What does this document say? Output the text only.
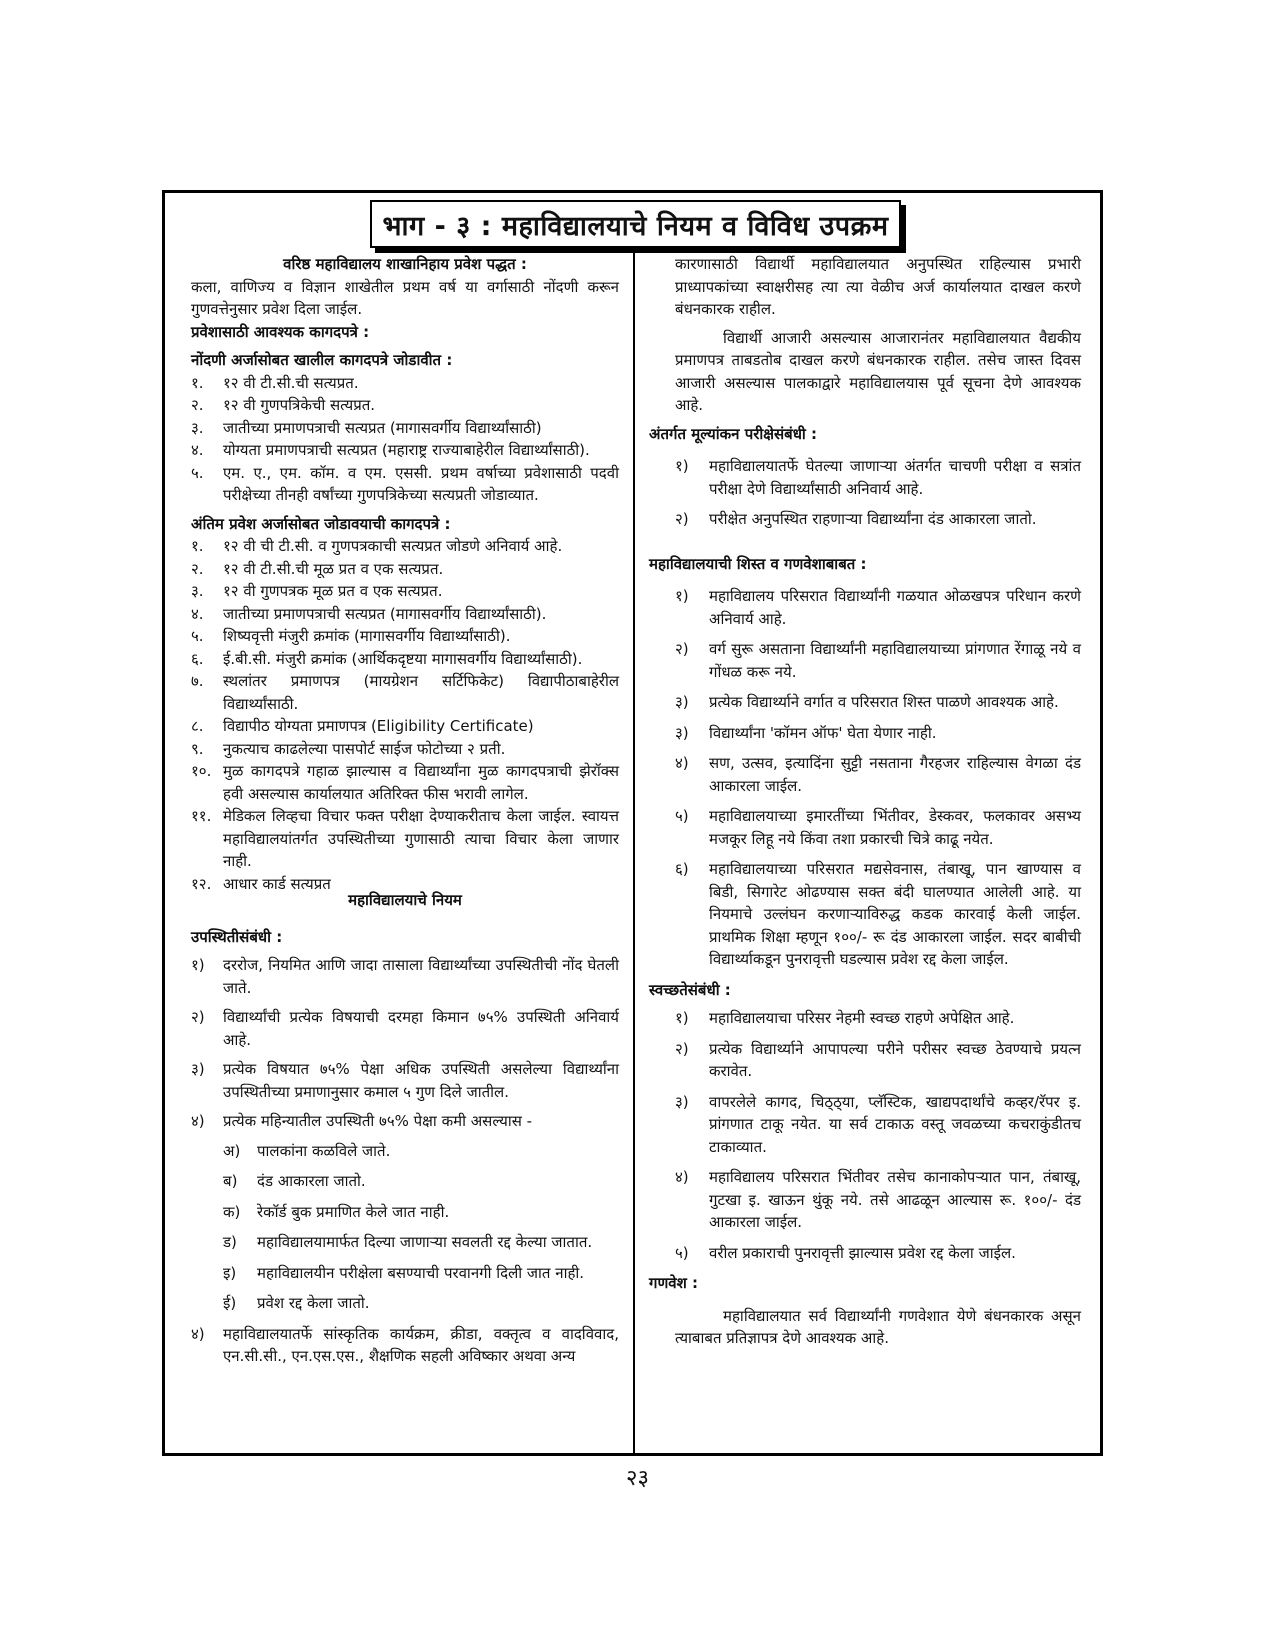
भाग - ३ : महाविद्यालयाचे नियम व विविध उपक्रम
वरिष्ठ महाविद्यालय शाखानिहाय प्रवेश पद्धत :
कला, वाणिज्य व विज्ञान शाखेतील प्रथम वर्ष या वर्गासाठी नोंदणी करून गुणवत्तेनुसार प्रवेश दिला जाईल.
प्रवेशासाठी आवश्यक कागदपत्रे :
नोंदणी अर्जासोबत खालील कागदपत्रे जोडावीत :
१.	१२ वी टी.सी.ची सत्यप्रत.
२.	१२ वी गुणपत्रिकेची सत्यप्रत.
३.	जातीच्या प्रमाणपत्राची सत्यप्रत (मागासवर्गीय विद्यार्थ्यांसाठी)
४.	योग्यता प्रमाणपत्राची सत्यप्रत (महाराष्ट्र राज्याबाहेरील विद्यार्थ्यांसाठी).
५.	एम. ए., एम. कॉम. व एम. एससी. प्रथम वर्षाच्या प्रवेशासाठी पदवी परीक्षेच्या तीनही वर्षांच्या गुणपत्रिकेच्या सत्यप्रती जोडाव्यात.
अंतिम प्रवेश अर्जासोबत जोडावयाची कागदपत्रे :
१.	१२ वी ची टी.सी. व गुणपत्रकाची सत्यप्रत जोडणे अनिवार्य आहे.
२.	१२ वी टी.सी.ची मूळ प्रत व एक सत्यप्रत.
३.	१२ वी गुणपत्रक मूळ प्रत व एक सत्यप्रत.
४.	जातीच्या प्रमाणपत्राची सत्यप्रत (मागासवर्गीय विद्यार्थ्यांसाठी).
५.	शिष्यवृत्ती मंजुरी क्रमांक (मागासवर्गीय विद्यार्थ्यांसाठी).
६.	ई.बी.सी. मंजुरी क्रमांक (आर्थिकदृष्टया मागासवर्गीय विद्यार्थ्यांसाठी).
७.	स्थलांतर प्रमाणपत्र (मायग्रेशन सर्टिफिकेट) विद्यापीठाबाहेरील विद्यार्थ्यांसाठी.
८.	विद्यापीठ योग्यता प्रमाणपत्र (Eligibility Certificate)
९.	नुकत्याच काढलेल्या पासपोर्ट साईज फोटोच्या २ प्रती.
१०. मुळ कागदपत्रे गहाळ झाल्यास व विद्यार्थ्यांना मुळ कागदपत्राची झेरॉक्स हवी असल्यास कार्यालयात अतिरिक्त फीस भरावी लागेल.
११. मेडिकल लिव्हचा विचार फक्त परीक्षा देण्याकरीताच केला जाईल. स्वायत्त महाविद्यालयांतर्गत उपस्थितीच्या गुणासाठी त्याचा विचार केला जाणार नाही.
१२. आधार कार्ड सत्यप्रत
महाविद्यालयाचे नियम
उपस्थितीसंबंधी :
१)	दररोज, नियमित आणि जादा तासाला विद्यार्थ्यांच्या उपस्थितीची नोंद घेतली जाते.
२)	विद्यार्थ्यांची प्रत्येक विषयाची दरमहा किमान ७५% उपस्थिती अनिवार्य आहे.
३)	प्रत्येक विषयात ७५% पेक्षा अधिक उपस्थिती असलेल्या विद्यार्थ्यांना उपस्थितीच्या प्रमाणानुसार कमाल ५ गुण दिले जातील.
४)	प्रत्येक महिन्यातील उपस्थिती ७५% पेक्षा कमी असल्यास -
अ)	पालकांना कळविले जाते.
ब)	दंड आकारला जातो.
क)	रेकॉर्ड बुक प्रमाणित केले जात नाही.
ड)	महाविद्यालयामार्फत दिल्या जाणाऱ्या सवलती रद्द केल्या जातात.
इ)	महाविद्यालयीन परीक्षेला बसण्याची परवानगी दिली जात नाही.
ई)	प्रवेश रद्द केला जातो.
४)	महाविद्यालयातर्फे सांस्कृतिक कार्यक्रम, क्रीडा, वक्तृत्व व वादविवाद, एन.सी.सी., एन.एस.एस., शैक्षणिक सहली अविष्कार अथवा अन्य
कारणासाठी विद्यार्थी महाविद्यालयात अनुपस्थित राहिल्यास प्रभारी प्राध्यापकांच्या स्वाक्षरीसह त्या त्या वेळीच अर्ज कार्यालयात दाखल करणे बंधनकारक राहील.
विद्यार्थी आजारी असल्यास आजारानंतर महाविद्यालयात वैद्यकीय प्रमाणपत्र ताबडतोब दाखल करणे बंधनकारक राहील. तसेच जास्त दिवस आजारी असल्यास पालकाद्वारे महाविद्यालयास पूर्व सूचना देणे आवश्यक आहे.
अंतर्गत मूल्यांकन परीक्षेसंबंधी :
१)	महाविद्यालयातर्फे घेतल्या जाणाऱ्या अंतर्गत चाचणी परीक्षा व सत्रांत परीक्षा देणे विद्यार्थ्यांसाठी अनिवार्य आहे.
२)	परीक्षेत अनुपस्थित राहणाऱ्या विद्यार्थ्यांना दंड आकारला जातो.
महाविद्यालयाची शिस्त व गणवेशाबाबत :
१)	महाविद्यालय परिसरात विद्यार्थ्यांनी गळयात ओळखपत्र परिधान करणे अनिवार्य आहे.
२)	वर्ग सुरू असताना विद्यार्थ्यांनी महाविद्यालयाच्या प्रांगणात रेंगाळू नये व गोंधळ करू नये.
३)	प्रत्येक विद्यार्थ्याने वर्गात व परिसरात शिस्त पाळणे आवश्यक आहे.
३)	विद्यार्थ्यांना 'कॉमन ऑफ' घेता येणार नाही.
४)	सण, उत्सव, इत्यादिंना सुट्टी नसताना गैरहजर राहिल्यास वेगळा दंड आकारला जाईल.
५)	महाविद्यालयाच्या इमारतींच्या भिंतीवर, डेस्कवर, फलकावर असभ्य मजकूर लिहू नये किंवा तशा प्रकारची चित्रे काढू नयेत.
६)	महाविद्यालयाच्या परिसरात मद्यसेवनास, तंबाखू, पान खाण्यास व बिडी, सिगारेट ओढण्यास सक्त बंदी घालण्यात आलेली आहे. या नियमाचे उल्लंघन करणाऱ्याविरुद्ध कडक कारवाई केली जाईल. प्राथमिक शिक्षा म्हणून १००/- रू दंड आकारला जाईल. सदर बाबीची विद्यार्थ्याकडून पुनरावृत्ती घडल्यास प्रवेश रद्द केला जाईल.
स्वच्छतेसंबंधी :
१)	महाविद्यालयाचा परिसर नेहमी स्वच्छ राहणे अपेक्षित आहे.
२)	प्रत्येक विद्यार्थ्याने आपापल्या परीने परीसर स्वच्छ ठेवण्याचे प्रयत्न करावेत.
३)	वापरलेले कागद, चिठ्ठ्या, प्लॅस्टिक, खाद्यपदार्थांचे कव्हर/रॅपर इ. प्रांगणात टाकू नयेत. या सर्व टाकाऊ वस्तू जवळच्या कचराकुंडीतच टाकाव्यात.
४)	महाविद्यालय परिसरात भिंतीवर तसेच कानाकोपऱ्यात पान, तंबाखू, गुटखा इ. खाऊन थुंकू नये. तसे आढळून आल्यास रू. १००/- दंड आकारला जाईल.
५)	वरील प्रकाराची पुनरावृत्ती झाल्यास प्रवेश रद्द केला जाईल.
गणवेश :
महाविद्यालयात सर्व विद्यार्थ्यांनी गणवेशात येणे बंधनकारक असून त्याबाबत प्रतिज्ञापत्र देणे आवश्यक आहे.
२३
